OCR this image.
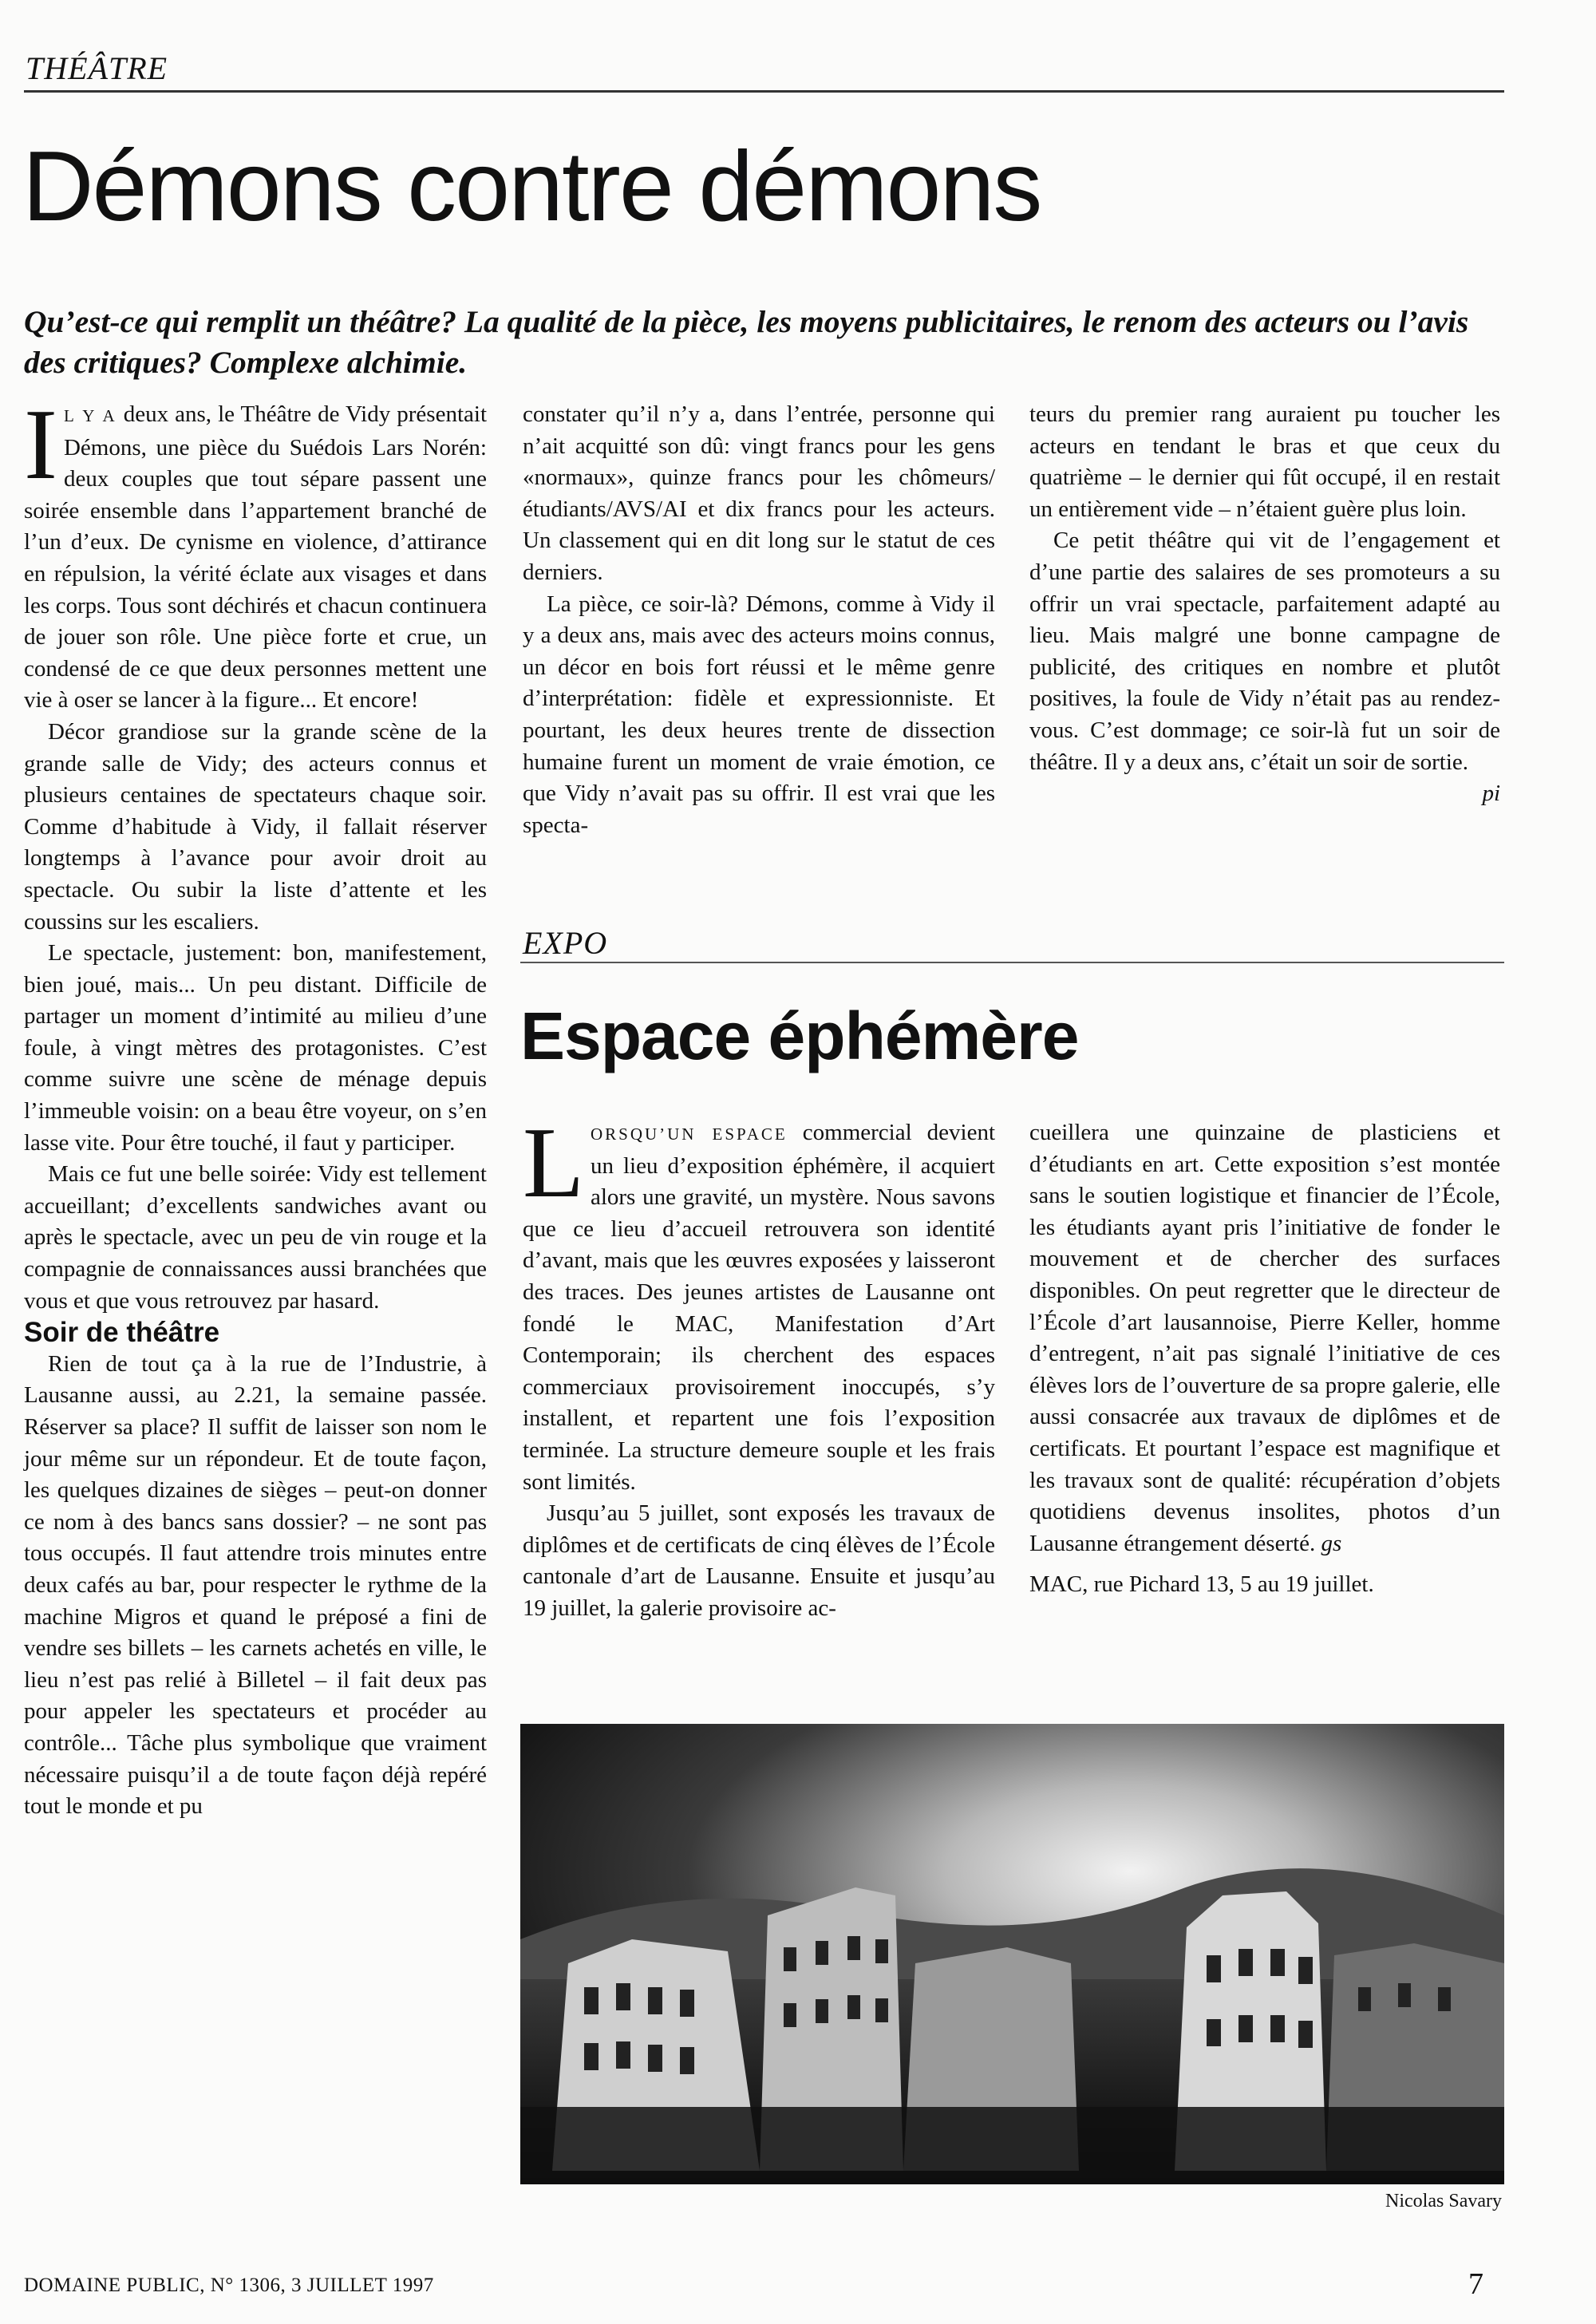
THÉÂTRE
Démons contre démons
Qu’est-ce qui remplit un théâtre? La qualité de la pièce, les moyens publicitaires, le renom des acteurs ou l’avis des critiques? Complexe alchimie.

IL Y A deux ans, le Théâtre de Vidy présentait Démons, une pièce du Suédois Lars Norén: deux couples que tout sépare passent une soirée ensemble dans l’appartement branché de l’un d’eux. De cynisme en violence, d’attirance en répulsion, la vérité éclate aux visages et dans les corps. Tous sont déchirés et chacun continuera de jouer son rôle. Une pièce forte et crue, un condensé de ce que deux personnes mettent une vie à oser se lancer à la figure... Et encore!

Décor grandiose sur la grande scène de la grande salle de Vidy; des acteurs connus et plusieurs centaines de spectateurs chaque soir. Comme d’habitude à Vidy, il fallait réserver longtemps à l’avance pour avoir droit au spectacle. Ou subir la liste d’attente et les coussins sur les escaliers.

Le spectacle, justement: bon, manifestement, bien joué, mais... Un peu distant. Difficile de partager un moment d’intimité au milieu d’une foule, à vingt mètres des protagonistes. C’est comme suivre une scène de ménage depuis l’immeuble voisin: on a beau être voyeur, on s’en lasse vite. Pour être touché, il faut y participer.

Mais ce fut une belle soirée: Vidy est tellement accueillant; d’excellents sandwiches avant ou après le spectacle, avec un peu de vin rouge et la compagnie de connaissances aussi branchées que vous et que vous retrouvez par hasard.

Soir de théâtre

Rien de tout ça à la rue de l’Industrie, à Lausanne aussi, au 2.21, la semaine passée. Réserver sa place? Il suffit de laisser son nom le jour même sur un répondeur. Et de toute façon, les quelques dizaines de sièges – peut-on donner ce nom à des bancs sans dossier? – ne sont pas tous occupés. Il faut attendre trois minutes entre deux cafés au bar, pour respecter le rythme de la machine Migros et quand le préposé a fini de vendre ses billets – les carnets achetés en ville, le lieu n’est pas relié à Billetel – il fait deux pas pour appeler les spectateurs et procéder au contrôle... Tâche plus symbolique que vraiment nécessaire puisqu’il a de toute façon déjà repéré tout le monde et pu

constater qu’il n’y a, dans l’entrée, personne qui n’ait acquitté son dû: vingt francs pour les gens «normaux», quinze francs pour les chômeurs/étudiants/AVS/AI et dix francs pour les acteurs. Un classement qui en dit long sur le statut de ces derniers.

La pièce, ce soir-là? Démons, comme à Vidy il y a deux ans, mais avec des acteurs moins connus, un décor en bois fort réussi et le même genre d’interprétation: fidèle et expressionniste. Et pourtant, les deux heures trente de dissection humaine furent un moment de vraie émotion, ce que Vidy n’avait pas su offrir. Il est vrai que les specta-

teurs du premier rang auraient pu toucher les acteurs en tendant le bras et que ceux du quatrième – le dernier qui fût occupé, il en restait un entièrement vide – n’étaient guère plus loin.

Ce petit théâtre qui vit de l’engagement et d’une partie des salaires de ses promoteurs a su offrir un vrai spectacle, parfaitement adapté au lieu. Mais malgré une bonne campagne de publicité, des critiques en nombre et plutôt positives, la foule de Vidy n’était pas au rendez-vous. C’est dommage; ce soir-là fut un soir de théâtre. Il y a deux ans, c’était un soir de sortie.

pi
EXPO
Espace éphémère

LORSQU’UN ESPACE commercial devient un lieu d’exposition éphémère, il acquiert alors une gravité, un mystère. Nous savons que ce lieu d’accueil retrouvera son identité d’avant, mais que les œuvres exposées y laisseront des traces. Des jeunes artistes de Lausanne ont fondé le MAC, Manifestation d’Art Contemporain; ils cherchent des espaces commerciaux provisoirement inoccupés, s’y installent, et repartent une fois l’exposition terminée. La structure demeure souple et les frais sont limités.

Jusqu’au 5 juillet, sont exposés les travaux de diplômes et de certificats de cinq élèves de l’École cantonale d’art de Lausanne. Ensuite et jusqu’au 19 juillet, la galerie provisoire ac-

cueillera une quinzaine de plasticiens et d’étudiants en art. Cette exposition s’est montée sans le soutien logistique et financier de l’École, les étudiants ayant pris l’initiative de fonder le mouvement et de chercher des surfaces disponibles. On peut regretter que le directeur de l’École d’art lausannoise, Pierre Keller, homme d’entregent, n’ait pas signalé l’initiative de ces élèves lors de l’ouverture de sa propre galerie, elle aussi consacrée aux travaux de diplômes et de certificats. Et pourtant l’espace est magnifique et les travaux sont de qualité: récupération d’objets quotidiens devenus insolites, photos d’un Lausanne étrangement déserté. gs

MAC, rue Pichard 13, 5 au 19 juillet.

Nicolas Savary
DOMAINE PUBLIC, N° 1306, 3 JUILLET 1997	7
